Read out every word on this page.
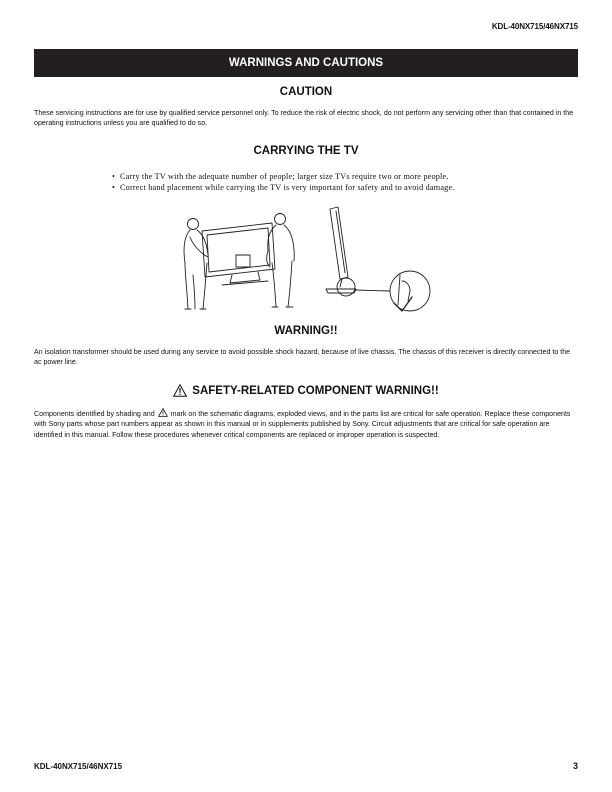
KDL-40NX715/46NX715
WARNINGS AND CAUTIONS
CAUTION
These servicing instructions are for use by qualified service personnel only. To reduce the risk of electric shock, do not perform any servicing other than that contained in the operating instructions unless you are qualified to do so.
CARRYING THE TV
• Carry the TV with the adequate number of people; larger size TVs require two or more people.
• Correct hand placement while carrying the TV is very important for safety and to avoid damage.
WARNING!!
An isolation transformer should be used during any service to avoid possible shock hazard, because of live chassis. The chassis of this receiver is directly connected to the ac power line.
SAFETY-RELATED COMPONENT WARNING!!
Components identified by shading and mark on the schematic diagrams, exploded views, and in the parts list are critical for safe operation. Replace these components with Sony parts whose part numbers appear as shown in this manual or in supplements published by Sony. Circuit adjustments that are critical for safe operation are identified in this manual. Follow these procedures whenever critical components are replaced or improper operation is suspected.
KDL-40NX715/46NX715	3
